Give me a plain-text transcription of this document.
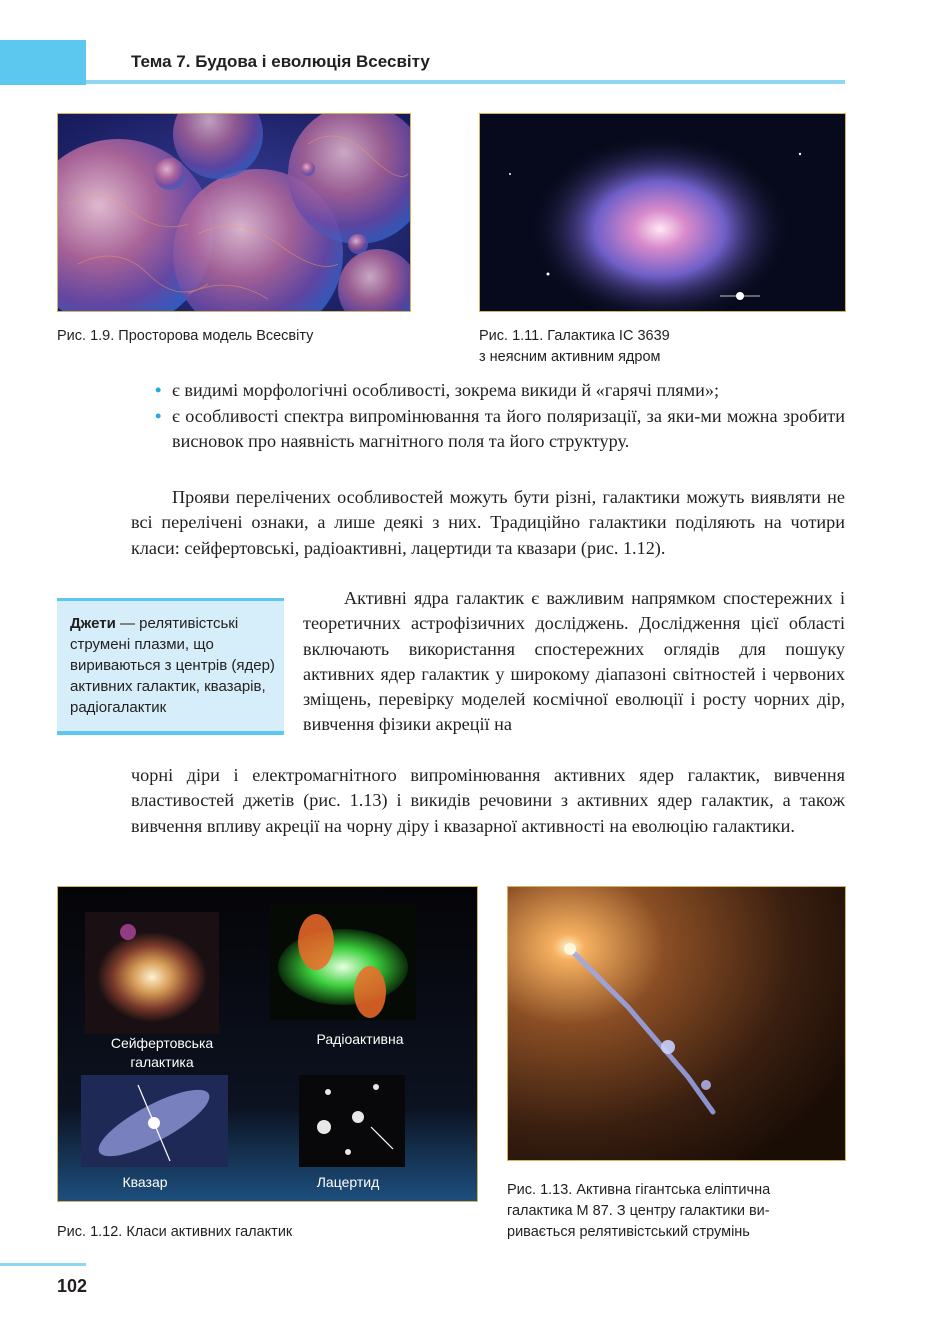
Тема 7. Будова і еволюція Всесвіту
Рис. 1.9. Просторова модель Всесвіту	Рис. 1.11. Галактика IC 3639
з неясним активним ядром
• є видимі морфологічні особливості, зокрема викиди й «гарячі плями»;
• є особливості спектра випромінювання та його поляризації, за яки-ми можна зробити висновок про наявність магнітного поля та його структуру.
Прояви перелічених особливостей можуть бути різні, галактики можуть виявляти не всі перелічені ознаки, а лише деякі з них. Традиційно галактики поділяють на чотири класи: сейфертовські, радіоактивні, лацертиди та квазари (рис. 1.12).
Джети — релятивістські струмені плазми, що вириваються з центрів (ядер) активних галактик, квазарів, радіогалактик
Активні ядра галактик є важливим напрямком спостережних і теоретичних астрофізичних досліджень. Дослідження цієї області включають використання спостережних оглядів для пошуку активних ядер галактик у широкому діапазоні світностей і червоних зміщень, перевірку моделей космічної еволюції і росту чорних дір, вивчення фізики акреції на
чорні діри і електромагнітного випромінювання активних ядер галактик, вивчення властивостей джетів (рис. 1.13) і викидів речовини з активних ядер галактик, а також вивчення впливу акреції на чорну діру і квазарної активності на еволюцію галактики.
Сейфертовська
галактика
Радіоактивна
Квазар	Лацертид
Рис. 1.12. Класи активних галактик
Рис. 1.13. Активна гігантська еліптична
галактика М 87. З центру галактики ви-
ривається релятивістський струмінь
102
